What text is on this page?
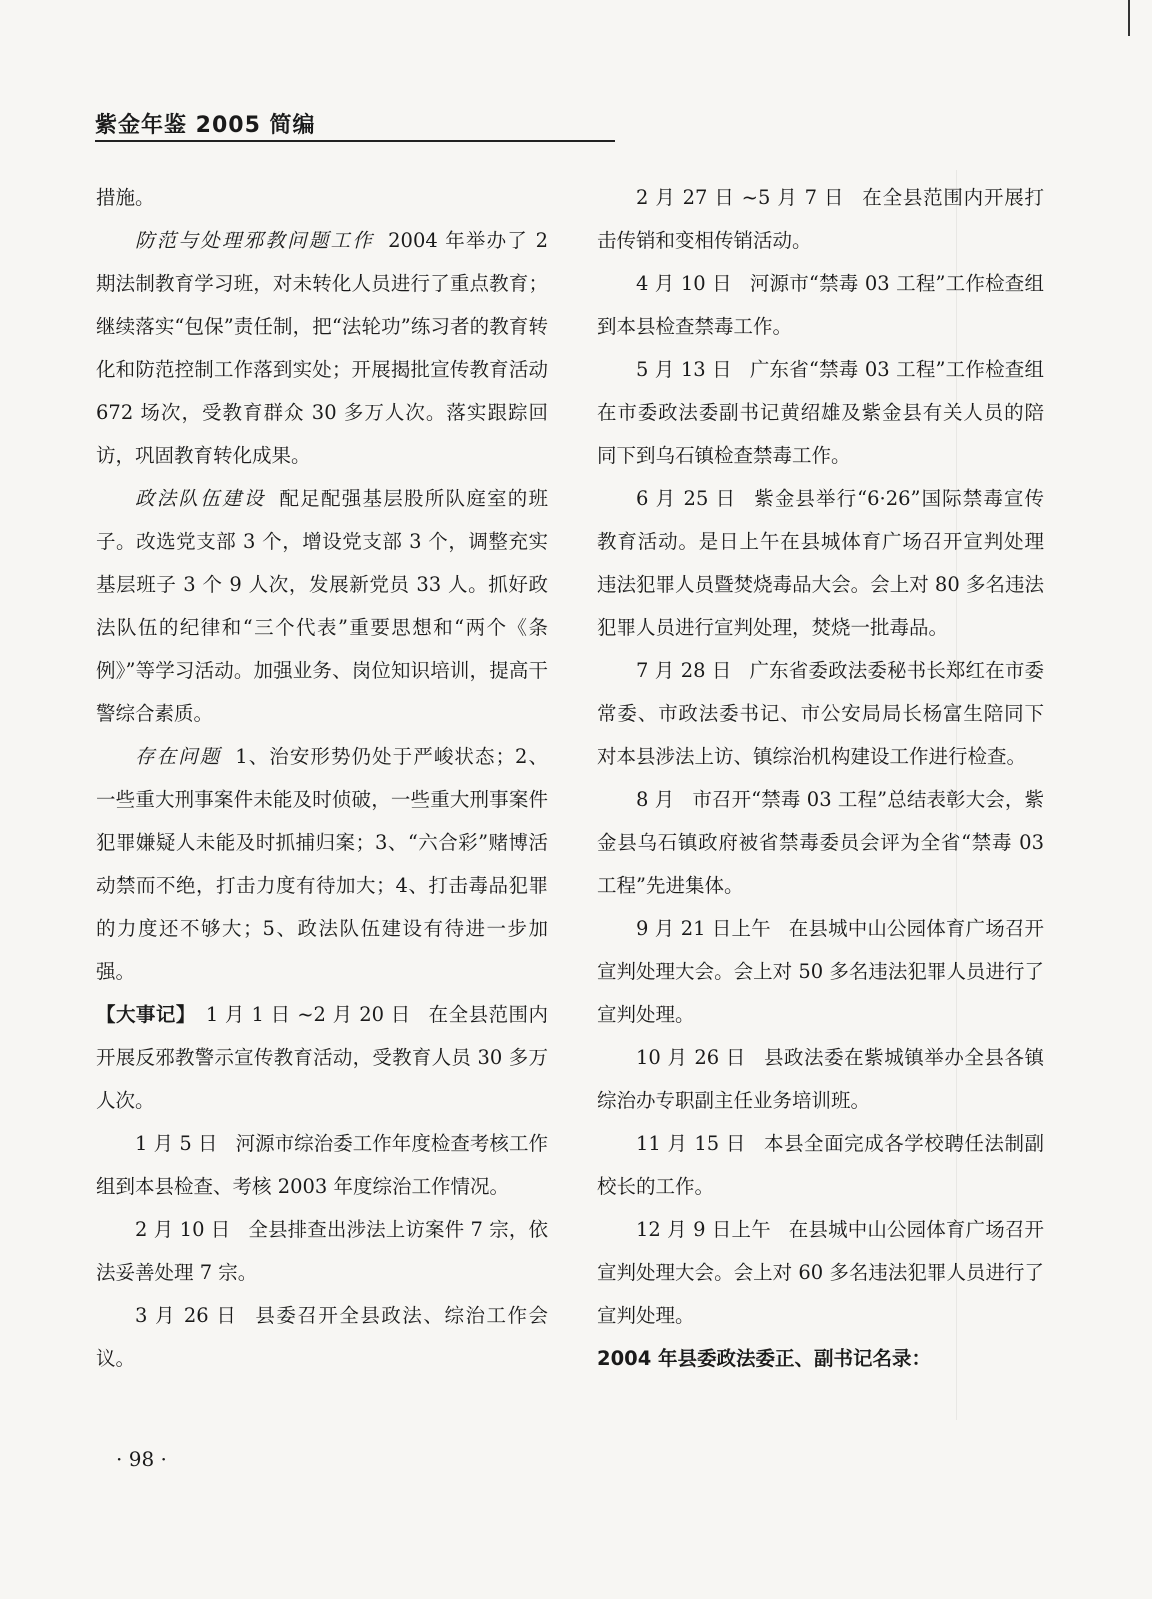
紫金年鉴 2005 简编

措施。

防范与处理邪教问题工作 2004 年举办了 2 期法制教育学习班，对未转化人员进行了重点教育；继续落实“包保”责任制，把“法轮功”练习者的教育转化和防范控制工作落到实处；开展揭批宣传教育活动 672 场次，受教育群众 30 多万人次。落实跟踪回访，巩固教育转化成果。

政法队伍建设 配足配强基层股所队庭室的班子。改选党支部 3 个，增设党支部 3 个，调整充实基层班子 3 个 9 人次，发展新党员 33 人。抓好政法队伍的纪律和“三个代表”重要思想和“两个《条例》”等学习活动。加强业务、岗位知识培训，提高干警综合素质。

存在问题 1、治安形势仍处于严峻状态；2、一些重大刑事案件未能及时侦破，一些重大刑事案件犯罪嫌疑人未能及时抓捕归案；3、“六合彩”赌博活动禁而不绝，打击力度有待加大；4、打击毒品犯罪的力度还不够大；5、政法队伍建设有待进一步加强。

【大事记】 1 月 1 日 ~2 月 20 日 在全县范围内开展反邪教警示宣传教育活动，受教育人员 30 多万人次。

1 月 5 日 河源市综治委工作年度检查考核工作组到本县检查、考核 2003 年度综治工作情况。

2 月 10 日 全县排查出涉法上访案件 7 宗，依法妥善处理 7 宗。

3 月 26 日 县委召开全县政法、综治工作会议。

2 月 27 日 ~5 月 7 日 在全县范围内开展打击传销和变相传销活动。

4 月 10 日 河源市“禁毒 03 工程”工作检查组到本县检查禁毒工作。

5 月 13 日 广东省“禁毒 03 工程”工作检查组在市委政法委副书记黄绍雄及紫金县有关人员的陪同下到乌石镇检查禁毒工作。

6 月 25 日 紫金县举行“6·26”国际禁毒宣传教育活动。是日上午在县城体育广场召开宣判处理违法犯罪人员暨焚烧毒品大会。会上对 80 多名违法犯罪人员进行宣判处理，焚烧一批毒品。

7 月 28 日 广东省委政法委秘书长郑红在市委常委、市政法委书记、市公安局局长杨富生陪同下对本县涉法上访、镇综治机构建设工作进行检查。

8 月 市召开“禁毒 03 工程”总结表彰大会，紫金县乌石镇政府被省禁毒委员会评为全省“禁毒 03 工程”先进集体。

9 月 21 日上午 在县城中山公园体育广场召开宣判处理大会。会上对 50 多名违法犯罪人员进行了宣判处理。

10 月 26 日 县政法委在紫城镇举办全县各镇综治办专职副主任业务培训班。

11 月 15 日 本县全面完成各学校聘任法制副校长的工作。

12 月 9 日上午 在县城中山公园体育广场召开宣判处理大会。会上对 60 多名违法犯罪人员进行了宣判处理。

2004 年县委政法委正、副书记名录：

· 98 ·
